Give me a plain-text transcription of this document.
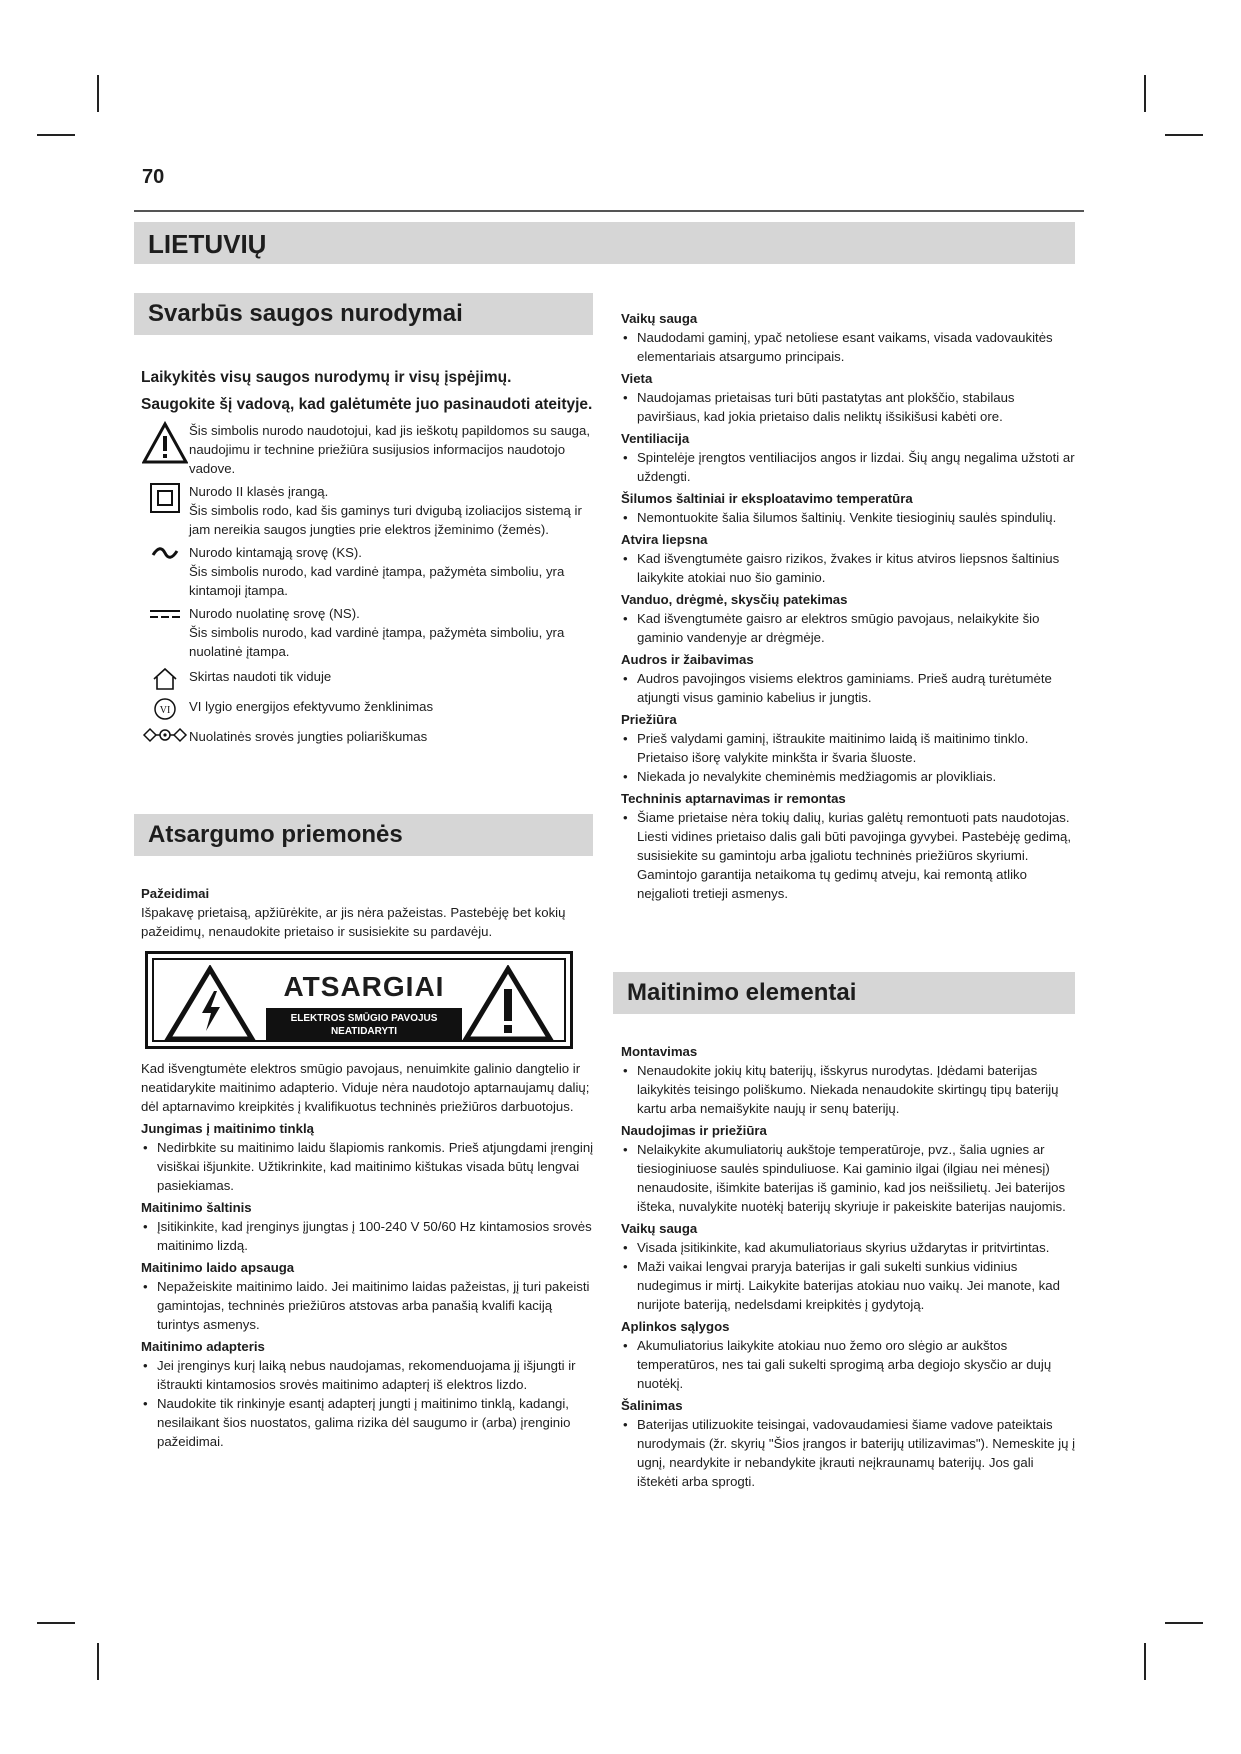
70
LIETUVIŲ
Svarbūs saugos nurodymai
Atsargumo priemonės
Maitinimo elementai
Laikykitės visų saugos nurodymų ir visų įspėjimų.
Saugokite šį vadovą, kad galėtumėte juo pasinaudoti ateityje.
Šis simbolis nurodo naudotojui, kad jis ieškotų papildomos su sauga, naudojimu ir technine priežiūra susijusios informacijos naudotojo vadove.
Nurodo II klasės įrangą.
Šis simbolis rodo, kad šis gaminys turi dvigubą izoliacijos sistemą ir jam nereikia saugos jungties prie elektros įžeminimo (žemės).
Nurodo kintamąją srovę (KS).
Šis simbolis nurodo, kad vardinė įtampa, pažymėta simboliu, yra kintamoji įtampa.
Nurodo nuolatinę srovę (NS).
Šis simbolis nurodo, kad vardinė įtampa, pažymėta simboliu, yra nuolatinė įtampa.
Skirtas naudoti tik viduje
VI VI lygio energijos efektyvumo ženklinimas
Nuolatinės srovės jungties poliariškumas
Pažeidimai
Išpakavę prietaisą, apžiūrėkite, ar jis nėra pažeistas. Pastebėję bet kokių pažeidimų, nenaudokite prietaiso ir susisiekite su pardavėju.
ATSARGIAI
ELEKTROS SMŪGIO PAVOJUS
NEATIDARYTI
Kad išvengtumėte elektros smūgio pavojaus, nenuimkite galinio dangtelio ir neatidarykite maitinimo adapterio. Viduje nėra naudotojo aptarnaujamų dalių; dėl aptarnavimo kreipkitės į kvalifikuotus techninės priežiūros darbuotojus.
Jungimas į maitinimo tinklą
• Nedirbkite su maitinimo laidu šlapiomis rankomis. Prieš atjungdami įrenginį visiškai išjunkite. Užtikrinkite, kad maitinimo kištukas visada būtų lengvai pasiekiamas.
Maitinimo šaltinis
• Įsitikinkite, kad įrenginys įjungtas į 100-240 V 50/60 Hz kintamosios srovės maitinimo lizdą.
Maitinimo laido apsauga
• Nepažeiskite maitinimo laido. Jei maitinimo laidas pažeistas, jį turi pakeisti gamintojas, techninės priežiūros atstovas arba panašią kvalifi kaciją turintys asmenys.
Maitinimo adapteris
• Jei įrenginys kurį laiką nebus naudojamas, rekomenduojama jį išjungti ir ištraukti kintamosios srovės maitinimo adapterį iš elektros lizdo.
• Naudokite tik rinkinyje esantį adapterį jungti į maitinimo tinklą, kadangi, nesilaikant šios nuostatos, galima rizika dėl saugumo ir (arba) įrenginio pažeidimai.
Vaikų sauga
• Naudodami gaminį, ypač netoliese esant vaikams, visada vadovaukitės elementariais atsargumo principais.
Vieta
• Naudojamas prietaisas turi būti pastatytas ant plokščio, stabilaus paviršiaus, kad jokia prietaiso dalis neliktų išsikišusi kabėti ore.
Ventiliacija
• Spintelėje įrengtos ventiliacijos angos ir lizdai. Šių angų negalima užstoti ar uždengti.
Šilumos šaltiniai ir eksploatavimo temperatūra
• Nemontuokite šalia šilumos šaltinių. Venkite tiesioginių saulės spindulių.
Atvira liepsna
• Kad išvengtumėte gaisro rizikos, žvakes ir kitus atviros liepsnos šaltinius laikykite atokiai nuo šio gaminio.
Vanduo, drėgmė, skysčių patekimas
• Kad išvengtumėte gaisro ar elektros smūgio pavojaus, nelaikykite šio gaminio vandenyje ar drėgmėje.
Audros ir žaibavimas
• Audros pavojingos visiems elektros gaminiams. Prieš audrą turėtumėte atjungti visus gaminio kabelius ir jungtis.
Priežiūra
• Prieš valydami gaminį, ištraukite maitinimo laidą iš maitinimo tinklo. Prietaiso išorę valykite minkšta ir švaria šluoste.
• Niekada jo nevalykite cheminėmis medžiagomis ar plovikliais.
Techninis aptarnavimas ir remontas
• Šiame prietaise nėra tokių dalių, kurias galėtų remontuoti pats naudotojas. Liesti vidines prietaiso dalis gali būti pavojinga gyvybei. Pastebėję gedimą, susisiekite su gamintoju arba įgaliotu techninės priežiūros skyriumi. Gamintojo garantija netaikoma tų gedimų atveju, kai remontą atliko neįgalioti tretieji asmenys.
Montavimas
• Nenaudokite jokių kitų baterijų, išskyrus nurodytas. Įdėdami baterijas laikykitės teisingo poliškumo. Niekada nenaudokite skirtingų tipų baterijų kartu arba nemaišykite naujų ir senų baterijų.
Naudojimas ir priežiūra
• Nelaikykite akumuliatorių aukštoje temperatūroje, pvz., šalia ugnies ar tiesioginiuose saulės spinduliuose. Kai gaminio ilgai (ilgiau nei mėnesį) nenaudosite, išimkite baterijas iš gaminio, kad jos neišsilietų. Jei baterijos išteka, nuvalykite nuotėkį baterijų skyriuje ir pakeiskite baterijas naujomis.
Vaikų sauga
• Visada įsitikinkite, kad akumuliatoriaus skyrius uždarytas ir pritvirtintas.
• Maži vaikai lengvai praryja baterijas ir gali sukelti sunkius vidinius nudegimus ir mirtį. Laikykite baterijas atokiau nuo vaikų. Jei manote, kad nurijote bateriją, nedelsdami kreipkitės į gydytoją.
Aplinkos sąlygos
• Akumuliatorius laikykite atokiau nuo žemo oro slėgio ar aukštos temperatūros, nes tai gali sukelti sprogimą arba degiojo skysčio ar dujų nuotėkį.
Šalinimas
• Baterijas utilizuokite teisingai, vadovaudamiesi šiame vadove pateiktais nurodymais (žr. skyrių "Šios įrangos ir baterijų utilizavimas"). Nemeskite jų į ugnį, neardykite ir nebandykite įkrauti neįkraunamų baterijų. Jos gali ištekėti arba sprogti.
